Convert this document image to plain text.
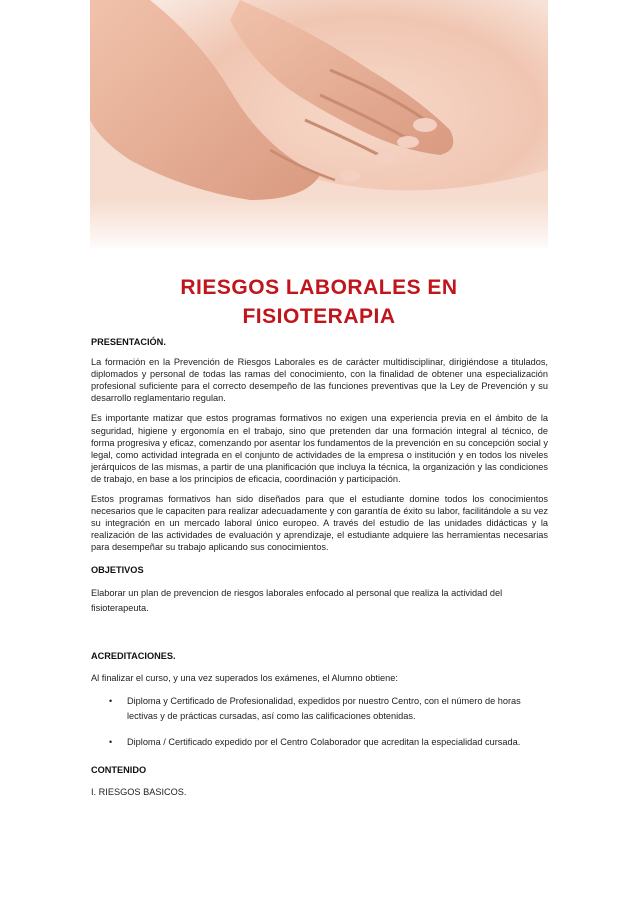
RIESGOS LABORALES EN
FISIOTERAPIA
PRESENTACIÓN.

La formación en la Prevención de Riesgos Laborales es de carácter multidisciplinar, dirigiéndose a titulados, diplomados y personal de todas las ramas del conocimiento, con la finalidad de obtener una especialización profesional suficiente para el correcto desempeño de las funciones preventivas que la Ley de Prevención y su desarrollo reglamentario regulan.

Es importante matizar que estos programas formativos no exigen una experiencia previa en el ámbito de la seguridad, higiene y ergonomía en el trabajo, sino que pretenden dar una formación integral al técnico, de forma progresiva y eficaz, comenzando por asentar los fundamentos de la prevención en su concepción social y legal, como actividad integrada en el conjunto de actividades de la empresa o institución y en todos los niveles jerárquicos de las mismas, a partir de una planificación que incluya la técnica, la organización y las condiciones de trabajo, en base a los principios de eficacia, coordinación y participación.

Estos programas formativos han sido diseñados para que el estudiante domine todos los conocimientos necesarios que le capaciten para realizar adecuadamente y con garantía de éxito su labor, facilitándole a su vez su integración en un mercado laboral único europeo. A través del estudio de las unidades didácticas y la realización de las actividades de evaluación y aprendizaje, el estudiante adquiere las herramientas necesarias para desempeñar su trabajo aplicando sus conocimientos.

OBJETIVOS

Elaborar un plan de prevencion de riesgos laborales enfocado al personal que realiza la actividad del fisioterapeuta.

ACREDITACIONES.

Al finalizar el curso, y una vez superados los exámenes, el Alumno obtiene:

• Diploma y Certificado de Profesionalidad, expedidos por nuestro Centro, con el número de horas lectivas y de prácticas cursadas, así como las calificaciones obtenidas.
• Diploma / Certificado expedido por el Centro Colaborador que acreditan la especialidad cursada.
CONTENIDO

I. RIESGOS BASICOS.
